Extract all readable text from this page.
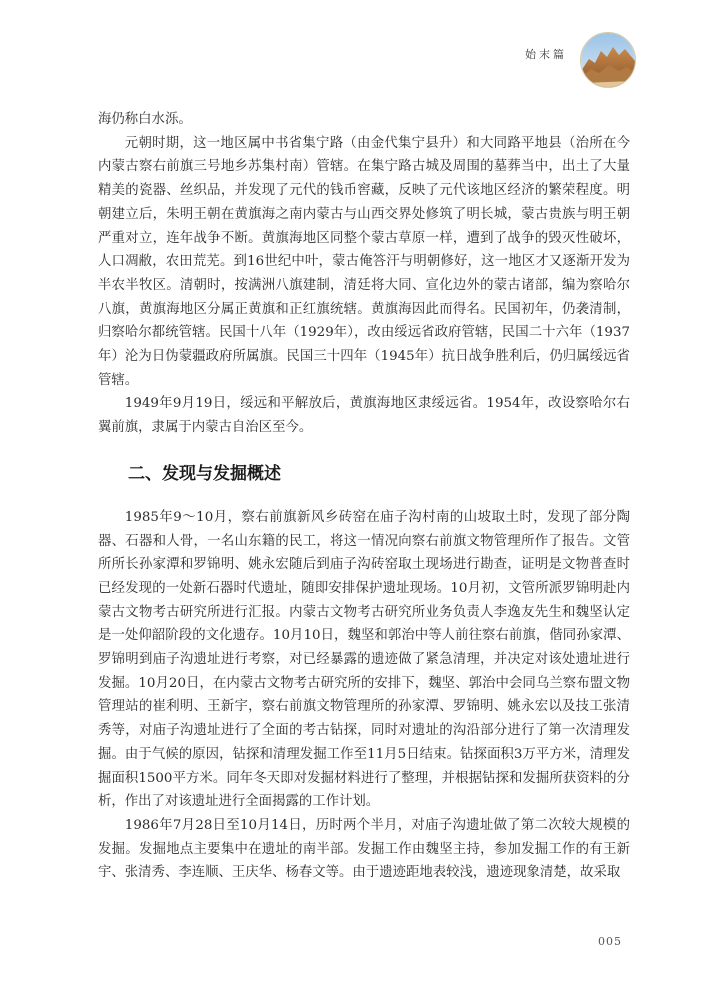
始末篇

海仍称白水泺。

元朝时期，这一地区属中书省集宁路（由金代集宁县升）和大同路平地县（治所在今内蒙古察右前旗三号地乡苏集村南）管辖。在集宁路古城及周围的墓葬当中，出土了大量精美的瓷器、丝织品，并发现了元代的钱币窖藏，反映了元代该地区经济的繁荣程度。明朝建立后，朱明王朝在黄旗海之南内蒙古与山西交界处修筑了明长城，蒙古贵族与明王朝严重对立，连年战争不断。黄旗海地区同整个蒙古草原一样，遭到了战争的毁灭性破坏，人口凋敝，农田荒芜。到16世纪中叶，蒙古俺答汗与明朝修好，这一地区才又逐渐开发为半农半牧区。清朝时，按满洲八旗建制，清廷将大同、宣化边外的蒙古诸部，编为察哈尔八旗，黄旗海地区分属正黄旗和正红旗统辖。黄旗海因此而得名。民国初年，仍袭清制，归察哈尔都统管辖。民国十八年（1929年），改由绥远省政府管辖，民国二十六年（1937年）沦为日伪蒙疆政府所属旗。民国三十四年（1945年）抗日战争胜利后，仍归属绥远省管辖。

1949年9月19日，绥远和平解放后，黄旗海地区隶绥远省。1954年，改设察哈尔右翼前旗，隶属于内蒙古自治区至今。

二、发现与发掘概述

1985年9～10月，察右前旗新风乡砖窑在庙子沟村南的山坡取土时，发现了部分陶器、石器和人骨，一名山东籍的民工，将这一情况向察右前旗文物管理所作了报告。文管所所长孙家潭和罗锦明、姚永宏随后到庙子沟砖窑取土现场进行勘查，证明是文物普查时已经发现的一处新石器时代遗址，随即安排保护遗址现场。10月初，文管所派罗锦明赴内蒙古文物考古研究所进行汇报。内蒙古文物考古研究所业务负责人李逸友先生和魏坚认定是一处仰韶阶段的文化遗存。10月10日，魏坚和郭治中等人前往察右前旗，偕同孙家潭、罗锦明到庙子沟遗址进行考察，对已经暴露的遗迹做了紧急清理，并决定对该处遗址进行发掘。10月20日，在内蒙古文物考古研究所的安排下，魏坚、郭治中会同乌兰察布盟文物管理站的崔利明、王新宇，察右前旗文物管理所的孙家潭、罗锦明、姚永宏以及技工张清秀等，对庙子沟遗址进行了全面的考古钻探，同时对遗址的沟沿部分进行了第一次清理发掘。由于气候的原因，钻探和清理发掘工作至11月5日结束。钻探面积3万平方米，清理发掘面积1500平方米。同年冬天即对发掘材料进行了整理，并根据钻探和发掘所获资料的分析，作出了对该遗址进行全面揭露的工作计划。

1986年7月28日至10月14日，历时两个半月，对庙子沟遗址做了第二次较大规模的发掘。发掘地点主要集中在遗址的南半部。发掘工作由魏坚主持，参加发掘工作的有王新宇、张清秀、李连顺、王庆华、杨春文等。由于遗迹距地表较浅，遗迹现象清楚，故采取

005
